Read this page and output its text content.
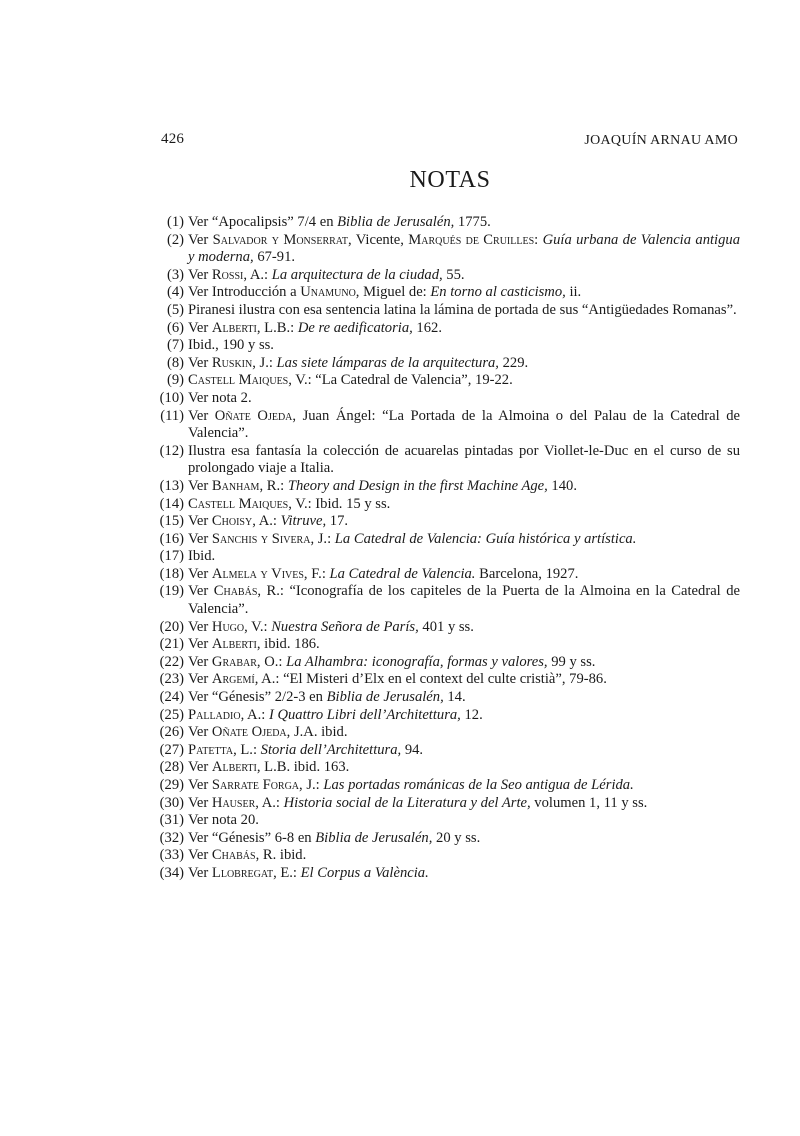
426	JOAQUÍN ARNAU AMO
NOTAS
(1) Ver “Apocalipsis” 7/4 en Biblia de Jerusalén, 1775.
(2) Ver Salvador y Monserrat, Vicente, Marqués de Cruilles: Guía urbana de Valencia antigua y moderna, 67-91.
(3) Ver Rossi, A.: La arquitectura de la ciudad, 55.
(4) Ver Introducción a Unamuno, Miguel de: En torno al casticismo, ii.
(5) Piranesi ilustra con esa sentencia latina la lámina de portada de sus “Antigüedades Romanas”.
(6) Ver Alberti, L.B.: De re aedificatoria, 162.
(7) Ibid., 190 y ss.
(8) Ver Ruskin, J.: Las siete lámparas de la arquitectura, 229.
(9) Castell Maiques, V.: “La Catedral de Valencia”, 19-22.
(10) Ver nota 2.
(11) Ver Oñate Ojeda, Juan Ángel: “La Portada de la Almoina o del Palau de la Catedral de Valencia”.
(12) Ilustra esa fantasía la colección de acuarelas pintadas por Viollet-le-Duc en el curso de su prolongado viaje a Italia.
(13) Ver Banham, R.: Theory and Design in the first Machine Age, 140.
(14) Castell Maiques, V.: Ibid. 15 y ss.
(15) Ver Choisy, A.: Vitruve, 17.
(16) Ver Sanchis y Sivera, J.: La Catedral de Valencia: Guía histórica y artística.
(17) Ibid.
(18) Ver Almela y Vives, F.: La Catedral de Valencia. Barcelona, 1927.
(19) Ver Chabás, R.: “Iconografía de los capiteles de la Puerta de la Almoina en la Catedral de Valencia”.
(20) Ver Hugo, V.: Nuestra Señora de París, 401 y ss.
(21) Ver Alberti, ibid. 186.
(22) Ver Grabar, O.: La Alhambra: iconografía, formas y valores, 99 y ss.
(23) Ver Argemí, A.: “El Misteri d’Elx en el context del culte cristià”, 79-86.
(24) Ver “Génesis” 2/2-3 en Biblia de Jerusalén, 14.
(25) Palladio, A.: I Quattro Libri dell’Architettura, 12.
(26) Ver Oñate Ojeda, J.A. ibid.
(27) Patetta, L.: Storia dell’Architettura, 94.
(28) Ver Alberti, L.B. ibid. 163.
(29) Ver Sarrate Forga, J.: Las portadas románicas de la Seo antigua de Lérida.
(30) Ver Hauser, A.: Historia social de la Literatura y del Arte, volumen 1, 11 y ss.
(31) Ver nota 20.
(32) Ver “Génesis” 6-8 en Biblia de Jerusalén, 20 y ss.
(33) Ver Chabás, R. ibid.
(34) Ver Llobregat, E.: El Corpus a València.
